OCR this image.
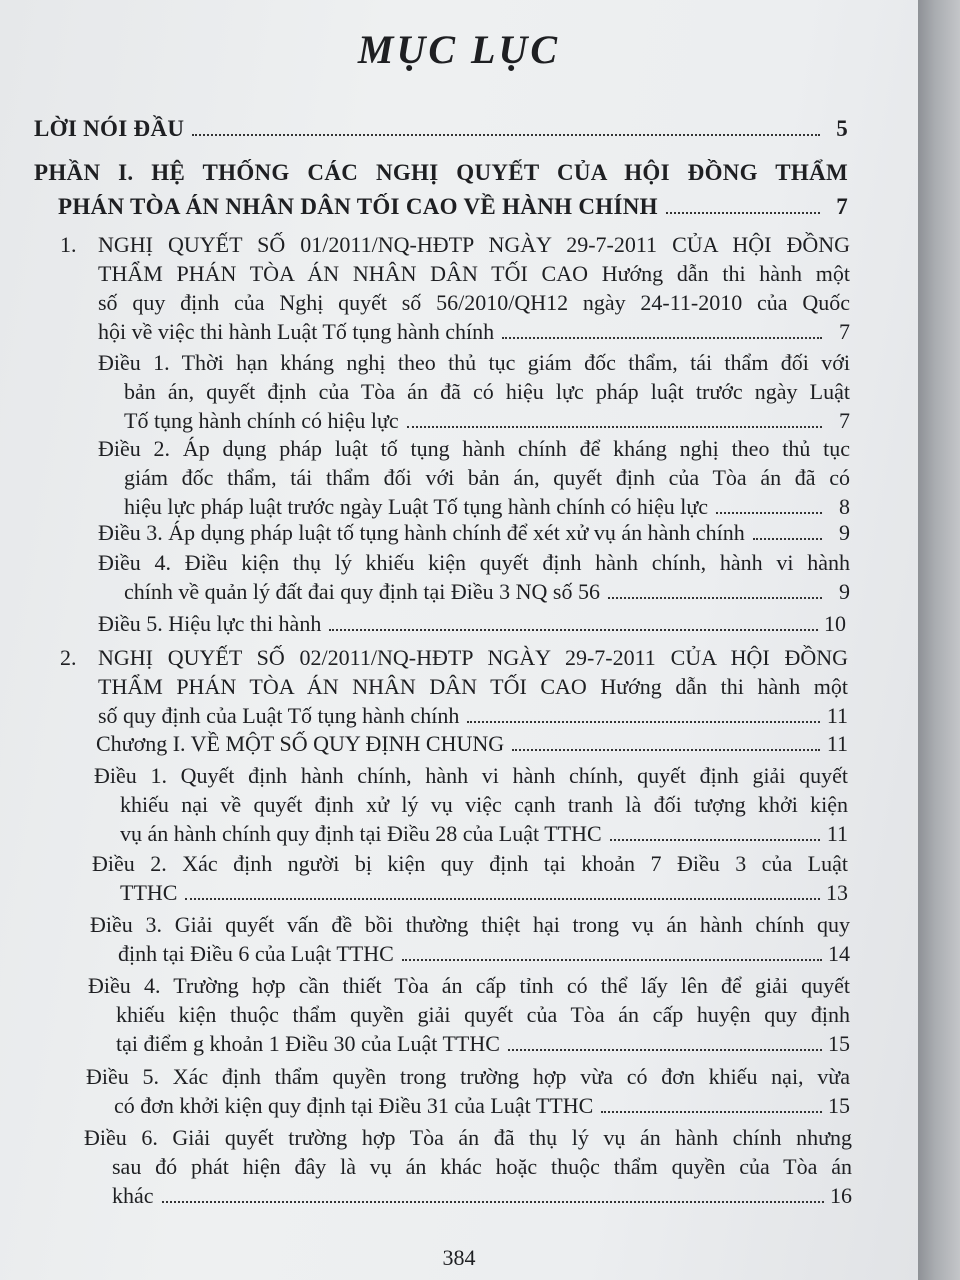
MỤC LỤC
LỜI NÓI ĐẦU	5
PHẦN I. HỆ THỐNG CÁC NGHỊ QUYẾT CỦA HỘI ĐỒNG THẨM
PHÁN TÒA ÁN NHÂN DÂN TỐI CAO VỀ HÀNH CHÍNH	7
1. NGHỊ QUYẾT SỐ 01/2011/NQ-HĐTP NGÀY 29-7-2011 CỦA HỘI ĐỒNG
THẨM PHÁN TÒA ÁN NHÂN DÂN TỐI CAO Hướng dẫn thi hành một
số quy định của Nghị quyết số 56/2010/QH12 ngày 24-11-2010 của Quốc
hội về việc thi hành Luật Tố tụng hành chính	7
Điều 1. Thời hạn kháng nghị theo thủ tục giám đốc thẩm, tái thẩm đối với
bản án, quyết định của Tòa án đã có hiệu lực pháp luật trước ngày Luật
Tố tụng hành chính có hiệu lực	7
Điều 2. Áp dụng pháp luật tố tụng hành chính để kháng nghị theo thủ tục
giám đốc thẩm, tái thẩm đối với bản án, quyết định của Tòa án đã có
hiệu lực pháp luật trước ngày Luật Tố tụng hành chính có hiệu lực	8
Điều 3. Áp dụng pháp luật tố tụng hành chính để xét xử vụ án hành chính	9
Điều 4. Điều kiện thụ lý khiếu kiện quyết định hành chính, hành vi hành
chính về quản lý đất đai quy định tại Điều 3 NQ số 56	9
Điều 5. Hiệu lực thi hành	10
2. NGHỊ QUYẾT SỐ 02/2011/NQ-HĐTP NGÀY 29-7-2011 CỦA HỘI ĐỒNG
THẨM PHÁN TÒA ÁN NHÂN DÂN TỐI CAO Hướng dẫn thi hành một
số quy định của Luật Tố tụng hành chính	11
Chương I. VỀ MỘT SỐ QUY ĐỊNH CHUNG	11
Điều 1. Quyết định hành chính, hành vi hành chính, quyết định giải quyết
khiếu nại về quyết định xử lý vụ việc cạnh tranh là đối tượng khởi kiện
vụ án hành chính quy định tại Điều 28 của Luật TTHC	11
Điều 2. Xác định người bị kiện quy định tại khoản 7 Điều 3 của Luật
TTHC	13
Điều 3. Giải quyết vấn đề bồi thường thiệt hại trong vụ án hành chính quy
định tại Điều 6 của Luật TTHC	14
Điều 4. Trường hợp cần thiết Tòa án cấp tỉnh có thể lấy lên để giải quyết
khiếu kiện thuộc thẩm quyền giải quyết của Tòa án cấp huyện quy định
tại điểm g khoản 1 Điều 30 của Luật TTHC	15
Điều 5. Xác định thẩm quyền trong trường hợp vừa có đơn khiếu nại, vừa
có đơn khởi kiện quy định tại Điều 31 của Luật TTHC	15
Điều 6. Giải quyết trường hợp Tòa án đã thụ lý vụ án hành chính nhưng
sau đó phát hiện đây là vụ án khác hoặc thuộc thẩm quyền của Tòa án
khác	16
384
